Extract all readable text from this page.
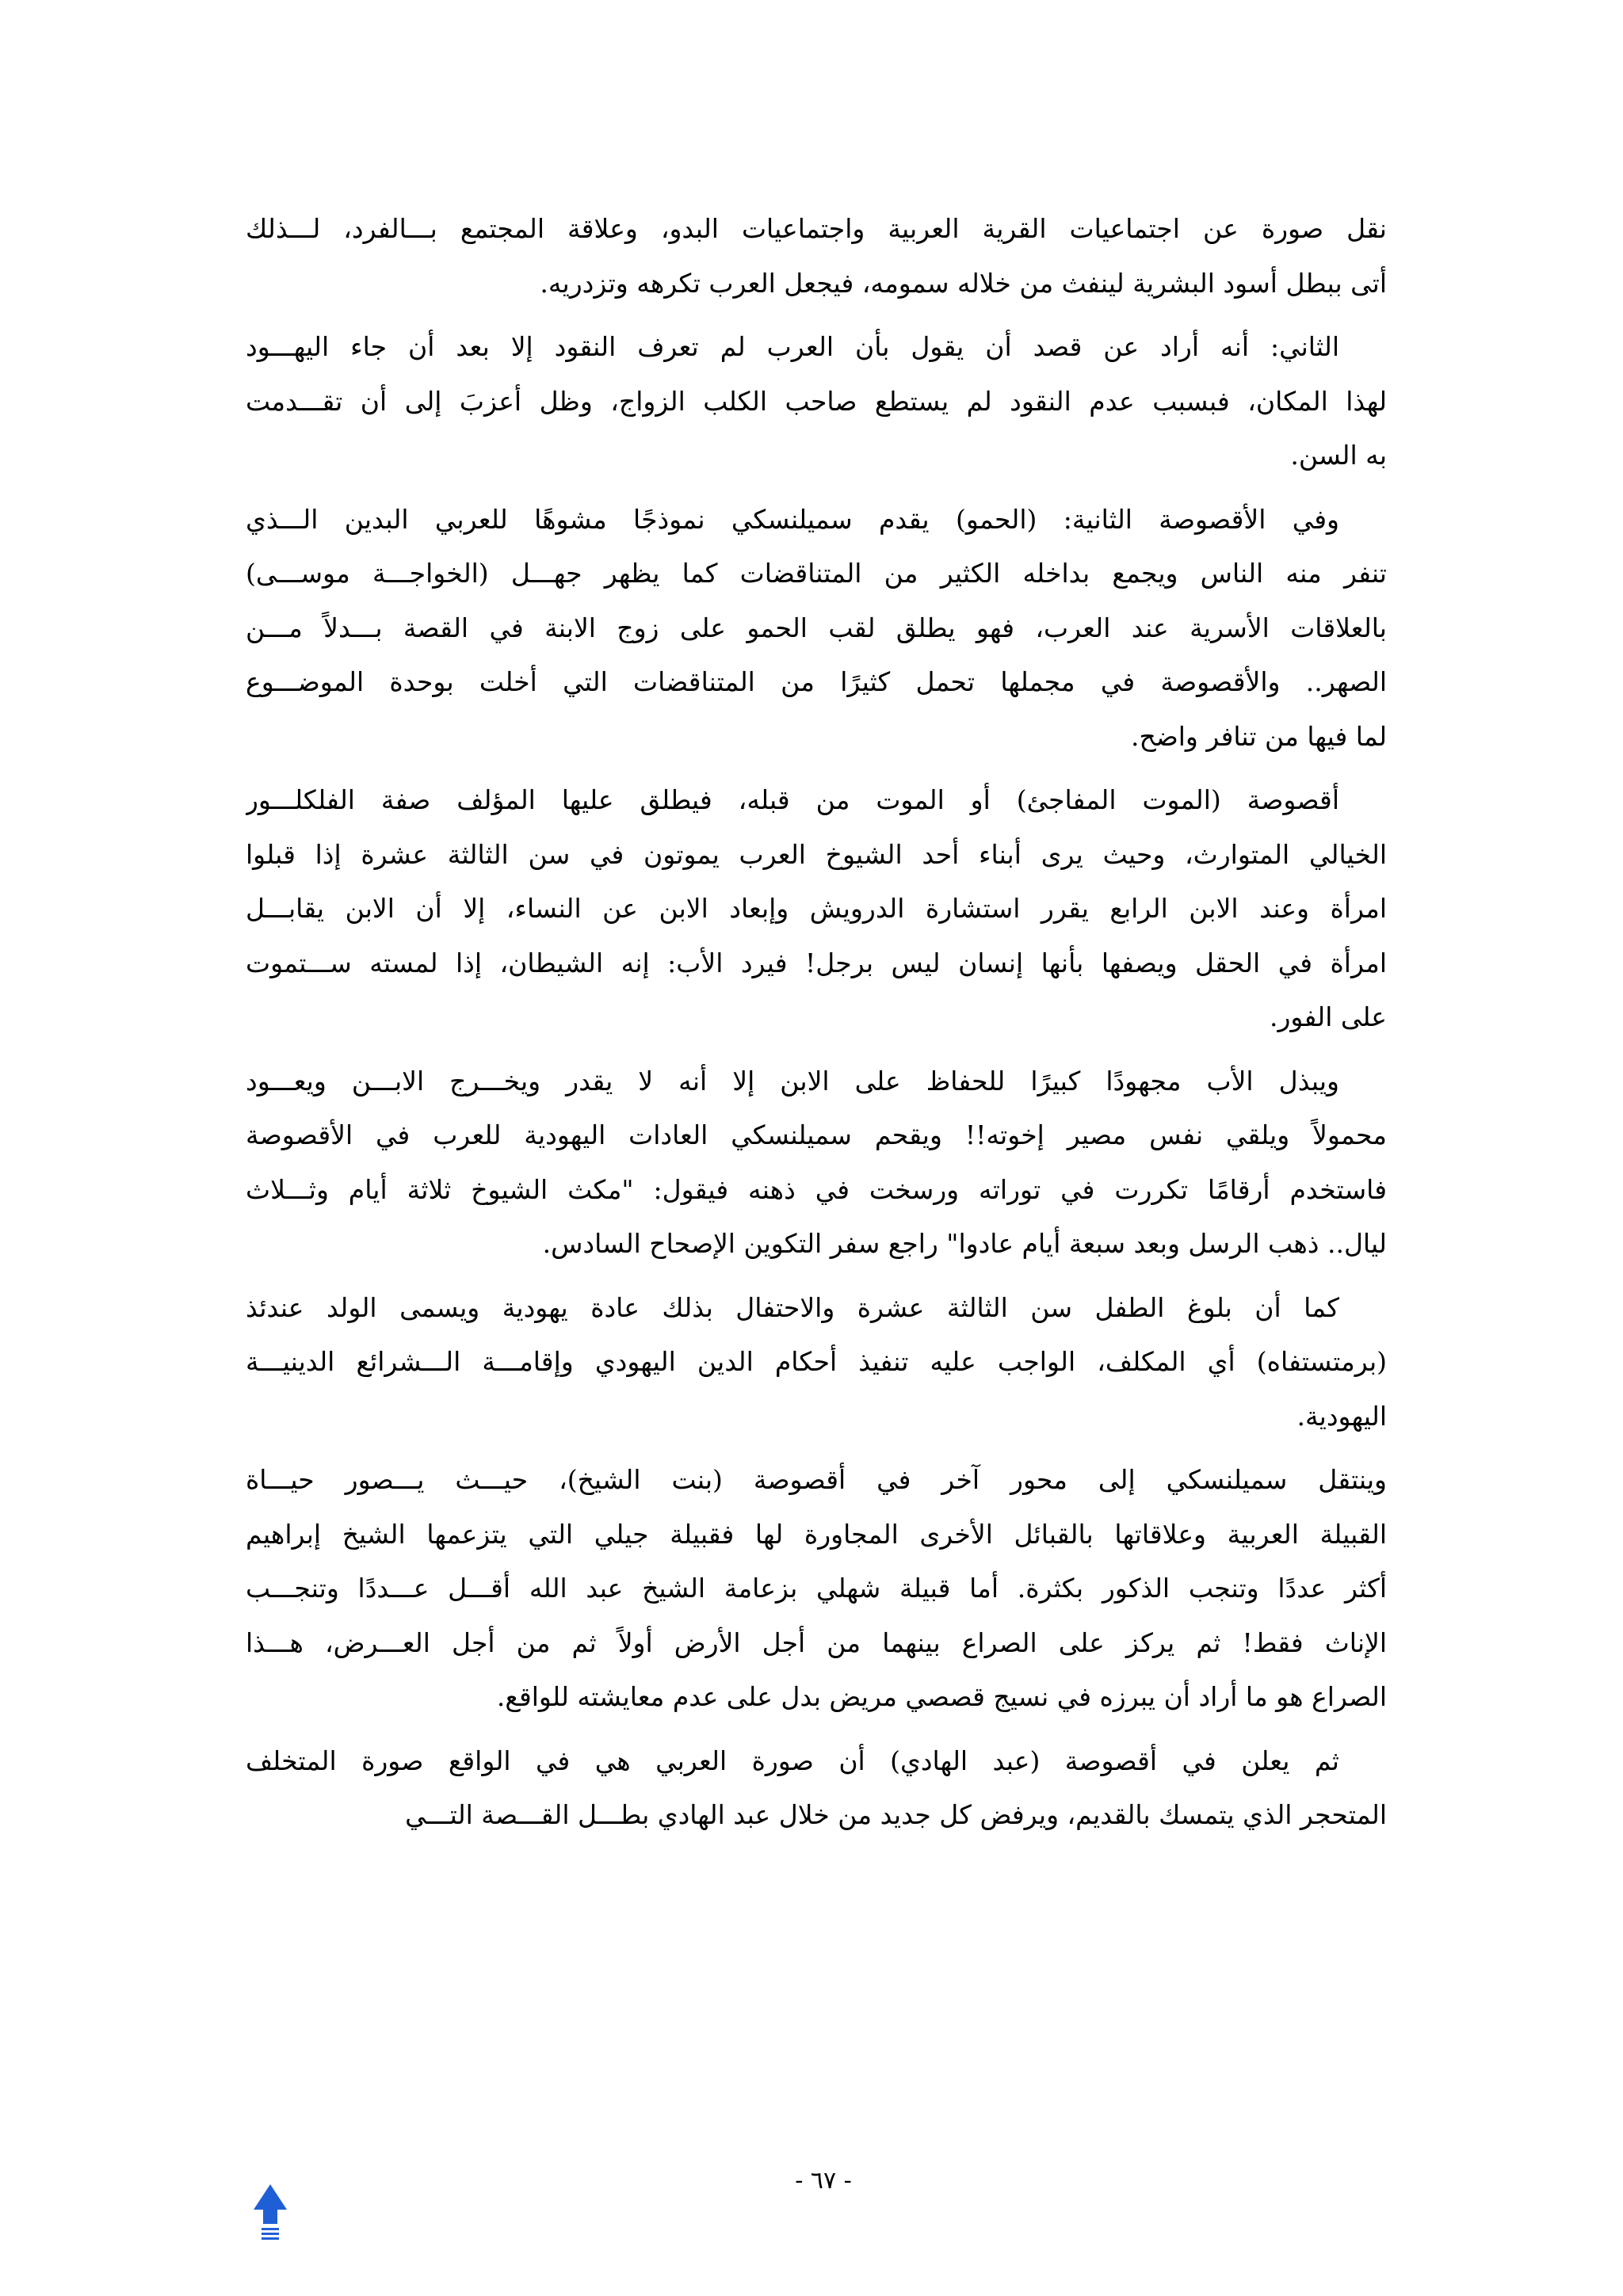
نقل صورة عن اجتماعيات القرية العربية واجتماعيات البدو، وعلاقة المجتمع بـــالفرد، لـــذلك
أتى ببطل أسود البشرية لينفث من خلاله سمومه، فيجعل العرب تكرهه وتزدريه.

الثاني: أنه أراد عن قصد أن يقول بأن العرب لم تعرف النقود إلا بعد أن جاء اليهـــود
لهذا المكان، فبسبب عدم النقود لم يستطع صاحب الكلب الزواج، وظل أعزبَ إلى أن تقـــدمت
به السن.

وفي الأقصوصة الثانية: (الحمو) يقدم سميلنسكي نموذجًا مشوهًا للعربي البدين الـــذي
تنفر منه الناس ويجمع بداخله الكثير من المتناقضات كما يظهر جهـــل (الخواجـــة موســـى)
بالعلاقات الأسرية عند العرب، فهو يطلق لقب الحمو على زوج الابنة في القصة بـــدلاً مـــن
الصهر.. والأقصوصة في مجملها تحمل كثيرًا من المتناقضات التي أخلت بوحدة الموضـــوع
لما فيها من تنافر واضح.

أقصوصة (الموت المفاجئ) أو الموت من قبله، فيطلق عليها المؤلف صفة الفلكلـــور
الخيالي المتوارث، وحيث يرى أبناء أحد الشيوخ العرب يموتون في سن الثالثة عشرة إذا قبلوا
امرأة وعند الابن الرابع يقرر استشارة الدرويش وإبعاد الابن عن النساء، إلا أن الابن يقابـــل
امرأة في الحقل ويصفها بأنها إنسان ليس برجل! فيرد الأب: إنه الشيطان، إذا لمسته ســـتموت
على الفور.

ويبذل الأب مجهودًا كبيرًا للحفاظ على الابن إلا أنه لا يقدر ويخـــرج الابـــن ويعـــود
محمولاً ويلقي نفس مصير إخوته!! ويقحم سميلنسكي العادات اليهودية للعرب في الأقصوصة
فاستخدم أرقامًا تكررت في توراته ورسخت في ذهنه فيقول: "مكث الشيوخ ثلاثة أيام وثـــلاث
ليال.. ذهب الرسل وبعد سبعة أيام عادوا" راجع سفر التكوين الإصحاح السادس.

كما أن بلوغ الطفل سن الثالثة عشرة والاحتفال بذلك عادة يهودية ويسمى الولد عندئذ
(برمتستفاه) أي المكلف، الواجب عليه تنفيذ أحكام الدين اليهودي وإقامـــة الـــشرائع الدينيـــة
اليهودية.

وينتقل سميلنسكي إلى محور آخر في أقصوصة (بنت الشيخ)، حيـــث يـــصور حيـــاة
القبيلة العربية وعلاقاتها بالقبائل الأخرى المجاورة لها فقبيلة جيلي التي يتزعمها الشيخ إبراهيم
أكثر عددًا وتنجب الذكور بكثرة. أما قبيلة شهلي بزعامة الشيخ عبد الله أقـــل عـــددًا وتنجـــب
الإناث فقط! ثم يركز على الصراع بينهما من أجل الأرض أولاً ثم من أجل العـــرض، هـــذا
الصراع هو ما أراد أن يبرزه في نسيج قصصي مريض بدل على عدم معايشته للواقع.

ثم يعلن في أقصوصة (عبد الهادي) أن صورة العربي هي في الواقع صورة المتخلف
المتحجر الذي يتمسك بالقديم، ويرفض كل جديد من خلال عبد الهادي بطـــل القـــصة التـــي

- ٦٧ -
